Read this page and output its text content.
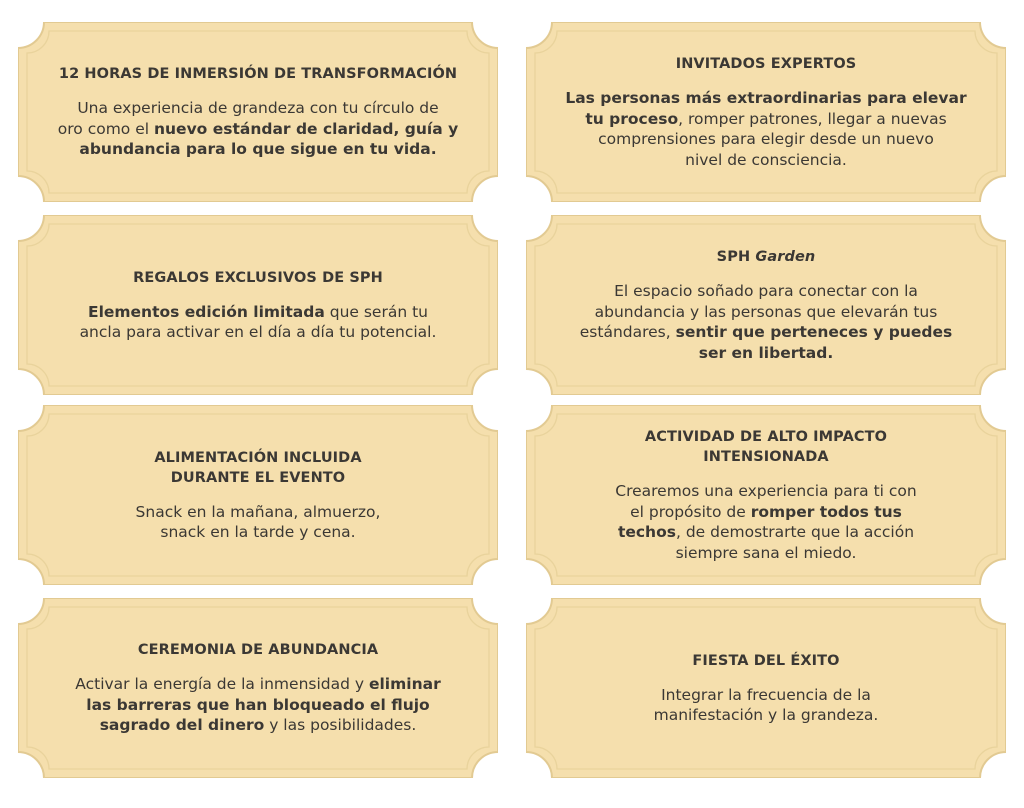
12 HORAS DE INMERSIÓN DE TRANSFORMACIÓN
Una experiencia de grandeza con tu círculo de
oro como el nuevo estándar de claridad, guía y
abundancia para lo que sigue en tu vida.
INVITADOS EXPERTOS
Las personas más extraordinarias para elevar
tu proceso, romper patrones, llegar a nuevas
comprensiones para elegir desde un nuevo
nivel de consciencia.
REGALOS EXCLUSIVOS DE SPH
Elementos edición limitada que serán tu
ancla para activar en el día a día tu potencial.
SPH Garden
El espacio soñado para conectar con la
abundancia y las personas que elevarán tus
estándares, sentir que perteneces y puedes
ser en libertad.
ALIMENTACIÓN INCLUIDA
DURANTE EL EVENTO
Snack en la mañana, almuerzo,
snack en la tarde y cena.
ACTIVIDAD DE ALTO IMPACTO
INTENSIONADA
Crearemos una experiencia para ti con
el propósito de romper todos tus
techos, de demostrarte que la acción
siempre sana el miedo.
CEREMONIA DE ABUNDANCIA
Activar la energía de la inmensidad y eliminar
las barreras que han bloqueado el flujo
sagrado del dinero y las posibilidades.
FIESTA DEL ÉXITO
Integrar la frecuencia de la
manifestación y la grandeza.
